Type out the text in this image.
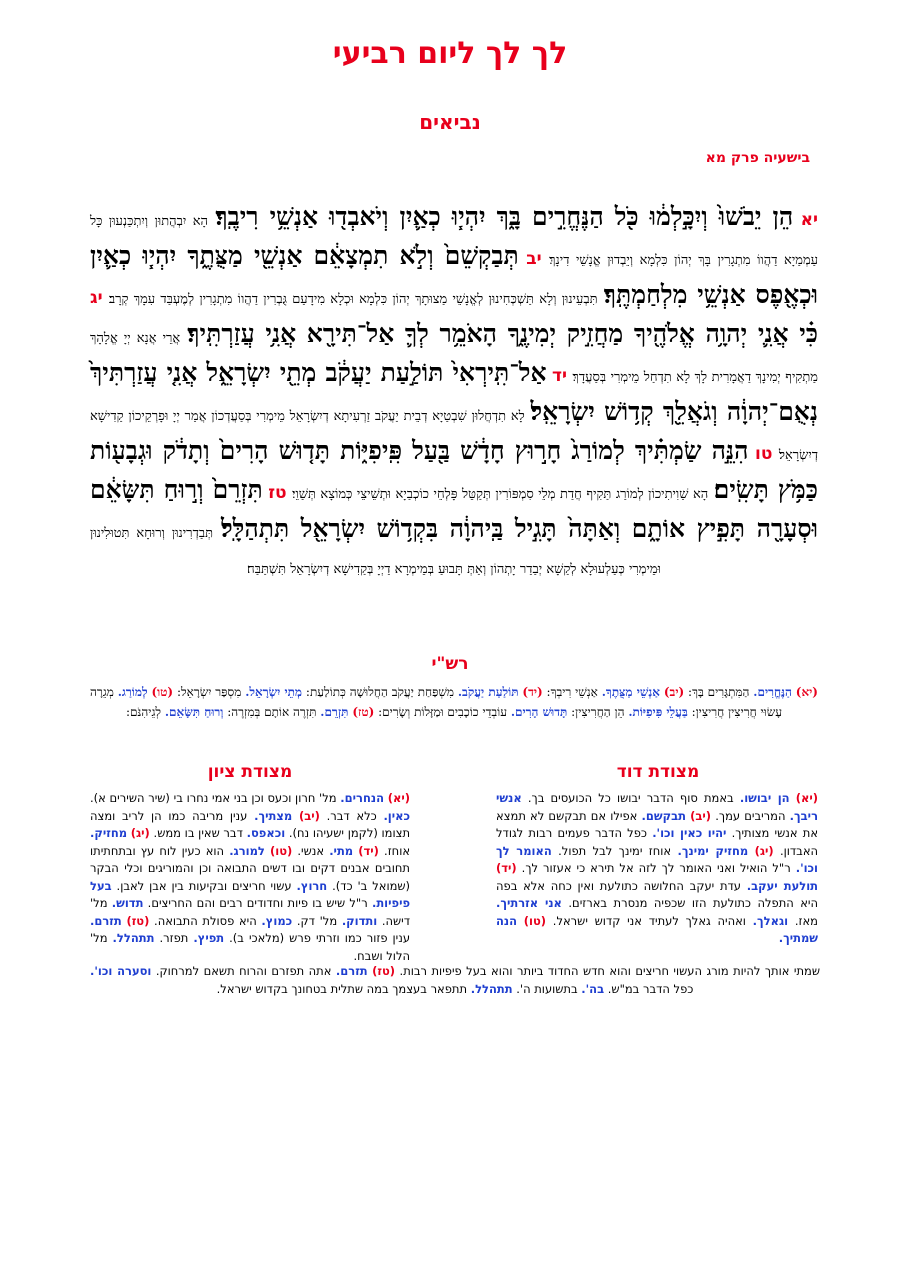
לך לך ליום רביעי
נביאים
בישעיה פרק מא
יא הֵן יֵבֹשׁוּ֙ וְיִכָּ֣לְמ֔וּ כֹּ֖ל הַנֶּחֱרִ֣ים בָּ֑ךְ יִהְי֧וּ כְאַ֛יִן וְיֹאבְד֖וּ אַנְשֵׁ֥י רִיבֶֽךָ׃ הָא יִבְהֲתוּן וְיִתְכַּנְעוּן כָּל עַמְמַיָא דַהֲווֹ מִתְגָרִין בָּךְ יְהוֹן כִּלְמָא וְיֵבְדוּן אֱנָשֵׁי דִינָךְ׃ יב תְּבַקְשֵׁם֙ וְלֹ֣א תִמְצָאֵ֔ם אַנְשֵׁ֖י מַצֻּתֶ֑ךָ יִהְי֧וּ כְאַ֛יִן וּכְאֶ֖פֶס אַנְשֵׁ֥י מִלְחַמְתֶּֽךָ׃ תִּבְעֵינוּן וְלָא תַּשְׁכְּחִינוּן לְאֱנָשֵׁי מַצוּתָךְ יְהוֹן כִּלְמָא וּכְלָא מִידָעַם גֻּבְרִין דַהֲווֹ מִתְגָרִין לְמֶעְבַּד עִמָךְ קְרָב׃ יג כִּ֗י אֲנִ֛י יְהוָ֥ה אֱלֹהֶ֖יךָ מַחֲזִ֣יק יְמִינֶ֑ךָ הָאֹמֵ֥ר לְךָ֛ אַל־תִּירָ֖א אֲנִ֥י עֲזַרְתִּֽיךָ׃ אֲרֵי אֲנָא יְיָ אֱלָהָךְ מַתְקִיף יְמִינָךְ דַאֲמָרִית לָךְ לָא תִדְחַל מֵימְרִי בְּסַעֲדָךְ׃ יד אַל־תִּֽירְאִי֙ תּוֹלַ֣עַת יַעֲקֹ֔ב מְתֵ֖י יִשְׂרָאֵ֑ל אֲנִ֤י עֲזַרְתִּיךְ֙ נְאֻם־יְהוָ֔ה וְגֹאֲלֵ֖ךְ קְד֥וֹשׁ יִשְׂרָאֵֽל׃ לָא תִדְחֲלוּן שִׁבְטַיָא דְבֵית יַעֲקֹב זַרְעִיתָא דְיִשְׂרָאֵל מֵימְרִי בְּסַעֲדְכוֹן אֲמַר יְיָ וּפָרְקֵיכוֹן קַדִישָׁא דְיִשְׂרָאֵל׃ טו הִנֵּ֣ה שַׂמְתִּ֗יךְ לְמוֹרַג֙ חָר֣וּץ חָדָ֔שׁ בַּ֖עַל פִּֽיפִיּ֑וֹת תָּד֤וּשׁ הָרִים֙ וְתָדֹ֔ק וּגְבָע֖וֹת כַּמֹּ֥ץ תָּשִֽׂים׃ הָא שַׁוִיתִיכוֹן לְמוֹרַג תַּקִיף חֲדַת מְלֵי סִמְפּוֹרִין תְּקַטֵּל פָּלְחֵי כוֹכְבַיָא וּתְשֵׁיצֵי כְּמוֹצָא תְּשַׁוֵי׃ טז תִּזְרֵם֙ וְר֣וּחַ תִּשָּׂאֵ֔ם וּסְעָרָ֖ה תָּפִ֣יץ אוֹתָ֑ם וְאַתָּה֙ תָּגִ֣יל בַּֽיהוָ֔ה בִּקְד֥וֹשׁ יִשְׂרָאֵ֖ל תִּתְהַלָּֽל׃ תְּבַדְרִינוּן וְרוּחָא תִּטוּלִינוּן וּמֵימְרִי כְּעַלְעוּלָא לְקַשָׁא יְבַדַר יָתְהוֹן וְאַתְּ תָּבוּעַ בְּמֵימְרָא דַיְיָ בְּקַדִישָׁא דְיִשְׂרָאֵל תִּשְׁתַּבַּח׃
רש"י
(יא) הַנֶּחֱרִים. הַמִּתְגָּרִים בָּךְ: (יב) אַנְשֵׁי מַצֻּתֶךָ. אַנְשֵׁי רִיבְךָ: (יד) תּוֹלַעַת יַעֲקֹב. מִשְׁפַּחַת יַעֲקֹב הַחֲלוּשָׁה כְּתוֹלַעַת: מְתֵי יִשְׂרָאֵל. מִסְפַּר יִשְׂרָאֵל: (טו) לְמוֹרַג. מְגֵרָה עָשׂוּי חֲרִיצִין חֲרִיצִין: בַּעֲלֵי פִּיפִיּוֹת. הֵן הַחֲרִיצִין: תָּדוּשׁ הָרִים. עוֹבְדֵי כוֹכָבִים וּמַזָּלוֹת וְשָׂרִים: (טז) תִּזְרֵם. תִּזְרֶה אוֹתָם בְּמִזְרֶה: וְרוּחַ תִּשָּׂאֵם. לְגֵיהִנֹּם:
מצודת דוד
מצודת ציון
(יא) הן יבושו. באמת סוף הדבר יבושו כל הכועסים בך. אנשי ריבך. המריבים עמך. (יב) תבקשם. אפילו אם תבקשם לא תמצא את אנשי מצותיך. יהיו כאין וכו'. כפל הדבר פעמים רבות לגודל האבדון. (יג) מחזיק ימינך. אוחז ימינך לבל תפול. האומר לך וכו'. ר"ל הואיל ואני האומר לך לזה אל תירא כי אעזור לך. (יד) תולעת יעקב. עדת יעקב החלושה כתולעת ואין כחה אלא בפה היא התפלה כתולעת הזו שכפיה מנסרת בארזים. אני אזרתיך. מאז. וגאלך. ואהיה גאלך לעתיד אני קדוש ישראל. (טו) הנה שמתיך.
(יא) הנחרים. מל' חרון וכעס וכן בני אמי נחרו בי (שיר השירים א). כאין. כלא דבר. (יב) מצתיך. ענין מריבה כמו הן לריב ומצה תצומו (לקמן ישעיהו נח). וכאפס. דבר שאין בו ממש. (יג) מחזיק. אוחז. (יד) מתי. אנשי. (טו) למורג. הוא כעין לוח עץ ובתחתיתו תחובים אבנים דקים ובו דשים התבואה וכן והמוריגים וכלי הבקר (שמואל ב' כד). חרוץ. עשוי חריצים ובקיעות בין אבן לאבן. בעל פיפיות. ר"ל שיש בו פיות וחדודים רבים והם החריצים. תדוש. מל' דישה. ותדוק. מל' דק. כמוץ. היא פסולת התבואה. (טז) תזרם. ענין פזור כמו וזרתי פרש (מלאכי ב). תפיץ. תפזר. תתהלל. מל' הלול ושבח.
שמתי אותך להיות מורג העשוי חריצים והוא חדש החדוד ביותר והוא בעל פיפיות רבות. (טז) תזרם. אתה תפזרם והרוח תשאם למרחוק. וסערה וכו'. כפל הדבר במ"ש. בה'. בתשועות ה'. תתהלל. תתפאר בעצמך במה שתלית בטחונך בקדוש ישראל.
